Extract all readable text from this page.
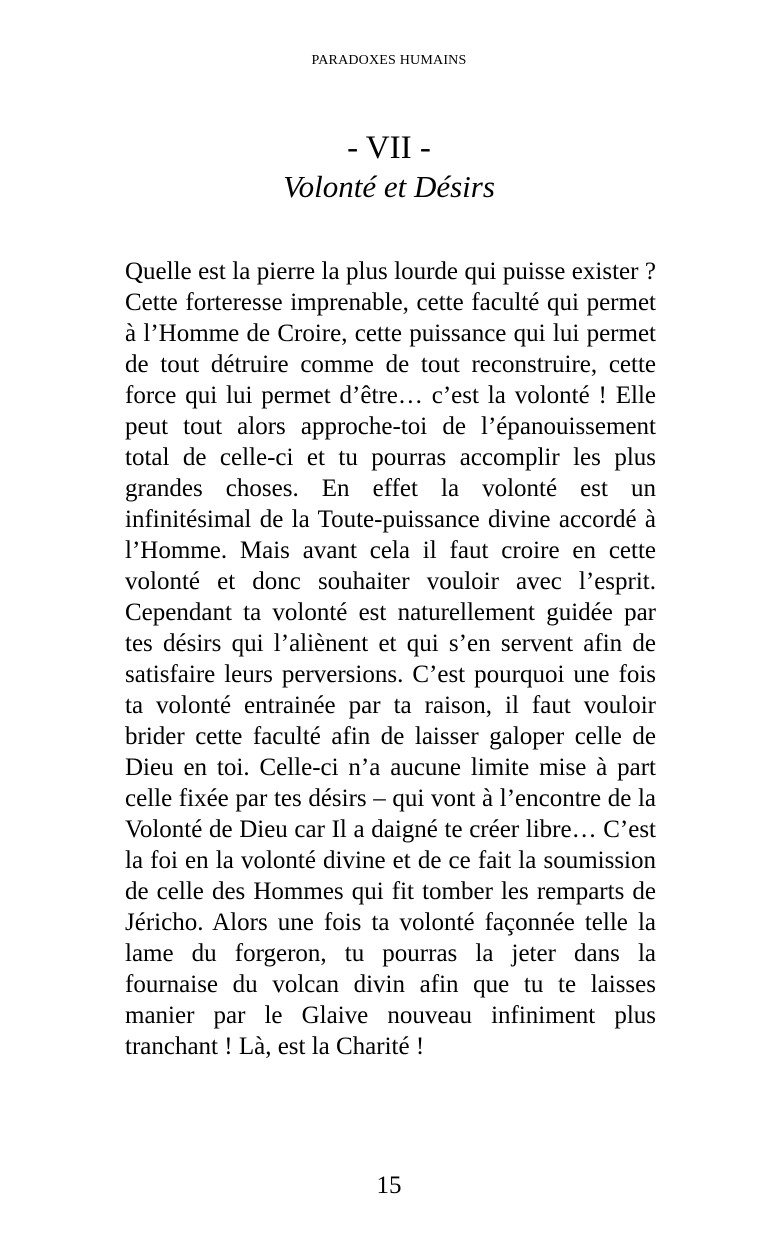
PARADOXES HUMAINS
- VII -
Volonté et Désirs

Quelle est la pierre la plus lourde qui puisse exister ? Cette forteresse imprenable, cette faculté qui permet à l’Homme de Croire, cette puissance qui lui permet de tout détruire comme de tout reconstruire, cette force qui lui permet d’être… c’est la volonté ! Elle peut tout alors approche-toi de l’épanouissement total de celle-ci et tu pourras accomplir les plus grandes choses. En effet la volonté est un infinitésimal de la Toute-puissance divine accordé à l’Homme. Mais avant cela il faut croire en cette volonté et donc souhaiter vouloir avec l’esprit. Cependant ta volonté est naturellement guidée par tes désirs qui l’aliènent et qui s’en servent afin de satisfaire leurs perversions. C’est pourquoi une fois ta volonté entrainée par ta raison, il faut vouloir brider cette faculté afin de laisser galoper celle de Dieu en toi. Celle-ci n’a aucune limite mise à part celle fixée par tes désirs – qui vont à l’encontre de la Volonté de Dieu car Il a daigné te créer libre… C’est la foi en la volonté divine et de ce fait la soumission de celle des Hommes qui fit tomber les remparts de Jéricho. Alors une fois ta volonté façonnée telle la lame du forgeron, tu pourras la jeter dans la fournaise du volcan divin afin que tu te laisses manier par le Glaive nouveau infiniment plus tranchant ! Là, est la Charité !

15
